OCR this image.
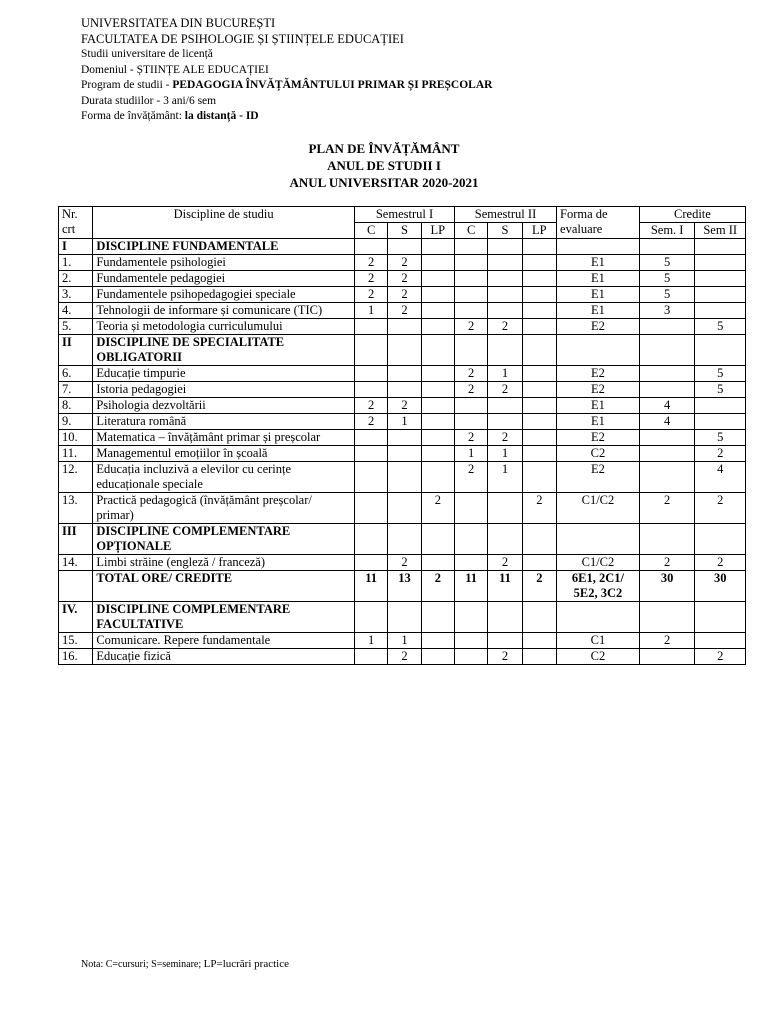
UNIVERSITATEA DIN BUCUREȘTI
FACULTATEA DE PSIHOLOGIE ȘI ȘTIINȚELE EDUCAȚIEI
Studii universitare de licență
Domeniul - ȘTIINȚE ALE EDUCAȚIEI
Program de studii - PEDAGOGIA ÎNVĂȚĂMÂNTULUI PRIMAR ȘI PREȘCOLAR
Durata studiilor - 3 ani/6 sem
Forma de învățământ: la distanță - ID
PLAN DE ÎNVĂȚĂMÂNT
ANUL DE STUDII I
ANUL UNIVERSITAR 2020-2021
Nr.
crt	Discipline de studiu	Semestrul I			Semestrul II			Forma de
evaluare	Credite	
		C	S	LP	C	S	LP		Sem. I	Sem II
I	DISCIPLINE FUNDAMENTALE									
1.	Fundamentele psihologiei	2	2					E1	5	
2.	Fundamentele pedagogiei	2	2					E1	5	
3.	Fundamentele psihopedagogiei speciale	2	2					E1	5	
4.	Tehnologii de informare și comunicare (TIC)	1	2					E1	3	
5.	Teoria și metodologia curriculumului				2	2		E2		5
II	DISCIPLINE DE SPECIALITATE OBLIGATORII									
6.	Educație timpurie				2	1		E2		5
7.	Istoria pedagogiei				2	2		E2		5
8.	Psihologia dezvoltării	2	2					E1	4	
9.	Literatura română	2	1					E1	4	
10.	Matematica – învățământ primar și preșcolar				2	2		E2		5
11.	Managementul emoțiilor în școală				1	1		C2		2
12.	Educația incluzivă a elevilor cu cerințe educaționale speciale				2	1		E2		4
13.	Practică pedagogică (învățământ preșcolar/ primar)			2			2	C1/C2	2	2
III	DISCIPLINE COMPLEMENTARE OPȚIONALE									
14.	Limbi străine (engleză / franceză)		2			2		C1/C2	2	2
	TOTAL ORE/ CREDITE	11	13	2	11	11	2	6E1, 2C1/ 5E2, 3C2	30	30
IV.	DISCIPLINE COMPLEMENTARE FACULTATIVE									
15.	Comunicare. Repere fundamentale	1	1					C1	2	
16.	Educație fizică		2			2		C2		2
Nota: C=cursuri; S=seminare; LP=lucrări practice
